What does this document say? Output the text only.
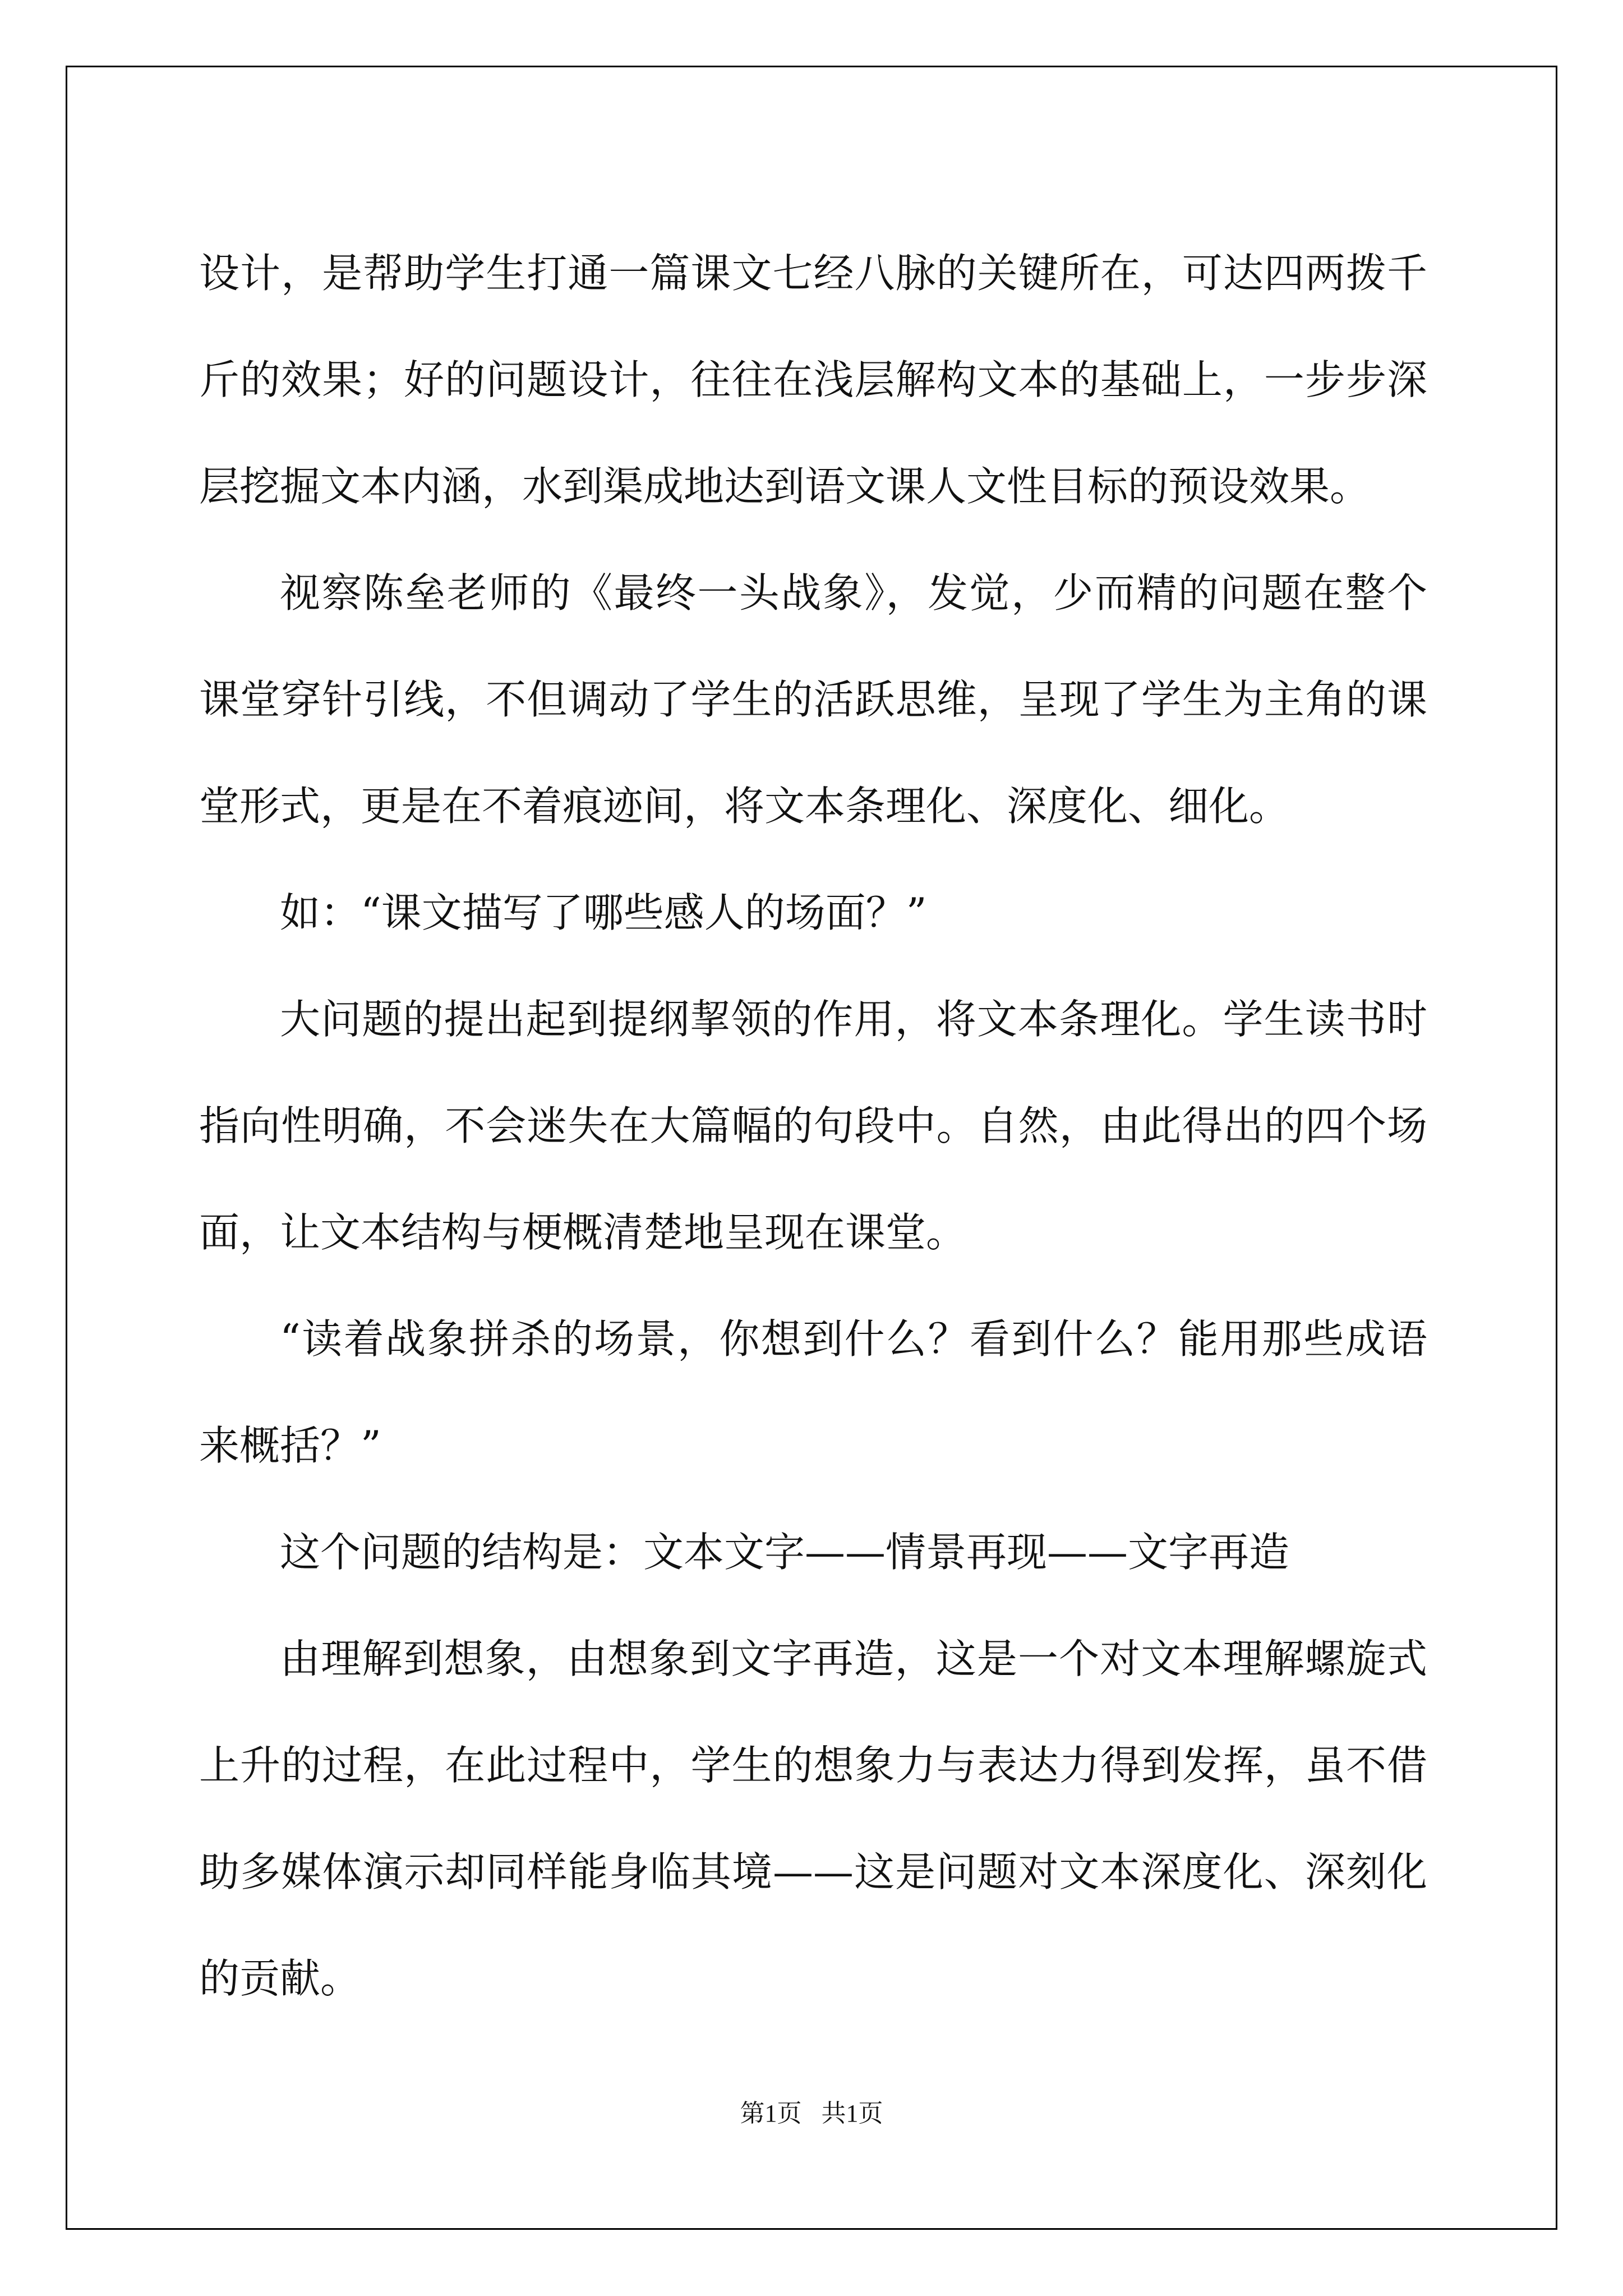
设计，是帮助学生打通一篇课文七经八脉的关键所在，可达四两拨千斤的效果；好的问题设计，往往在浅层解构文本的基础上，一步步深层挖掘文本内涵，水到渠成地达到语文课人文性目标的预设效果。

视察陈垒老师的《最终一头战象》，发觉，少而精的问题在整个课堂穿针引线，不但调动了学生的活跃思维，呈现了学生为主角的课堂形式，更是在不着痕迹间，将文本条理化、深度化、细化。

如：“课文描写了哪些感人的场面？”

大问题的提出起到提纲挈领的作用，将文本条理化。学生读书时指向性明确，不会迷失在大篇幅的句段中。自然，由此得出的四个场面，让文本结构与梗概清楚地呈现在课堂。

“读着战象拼杀的场景，你想到什么？看到什么？能用那些成语来概括？”

这个问题的结构是：文本文字——情景再现——文字再造

由理解到想象，由想象到文字再造，这是一个对文本理解螺旋式上升的过程，在此过程中，学生的想象力与表达力得到发挥，虽不借助多媒体演示却同样能身临其境——这是问题对文本深度化、深刻化的贡献。

第1页 共1页
